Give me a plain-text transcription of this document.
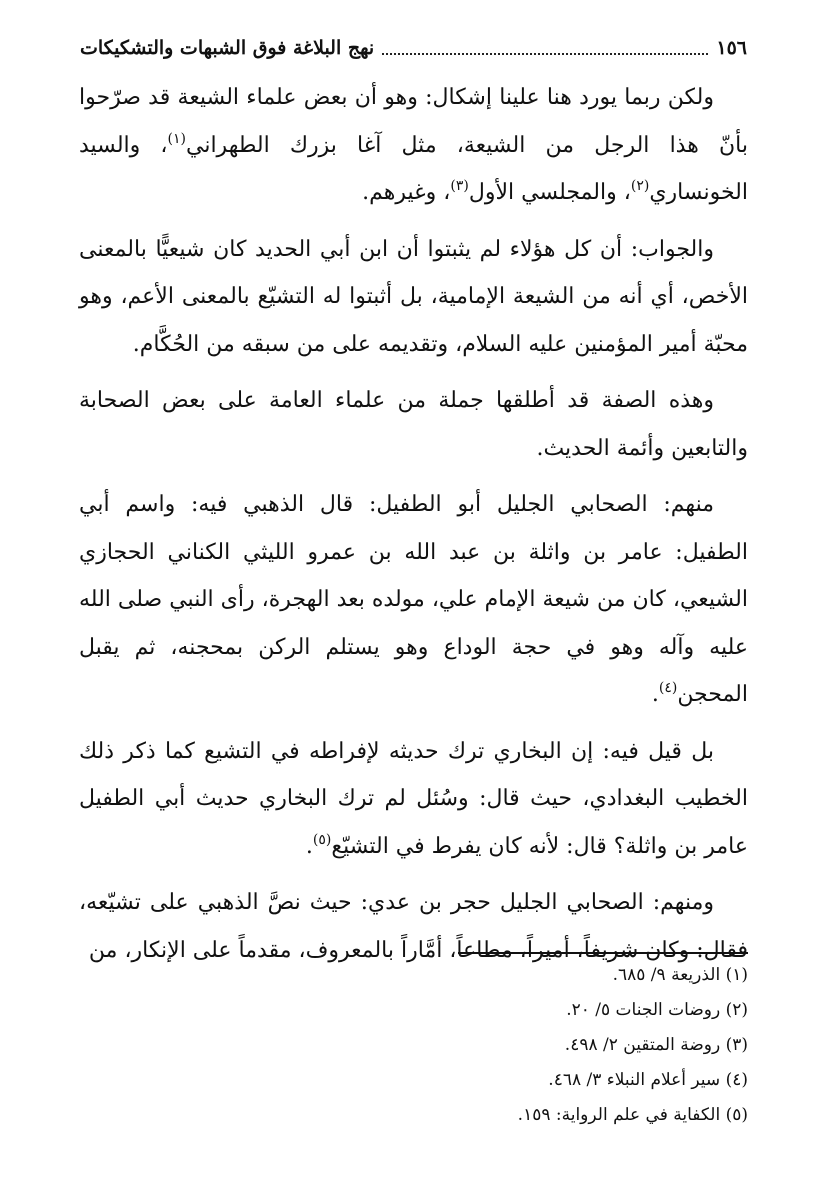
١٥٦
نهج البلاغة فوق الشبهات والتشكيكات

ولكن ربما يورد هنا علينا إشكال: وهو أن بعض علماء الشيعة قد صرّحوا بأنّ هذا الرجل من الشيعة، مثل آغا بزرك الطهراني$^{(١)}$، والسيد الخونساري$^{(٢)}$، والمجلسي الأول$^{(٣)}$، وغيرهم.

والجواب: أن كل هؤلاء لم يثبتوا أن ابن أبي الحديد كان شيعيًّا بالمعنى الأخص، أي أنه من الشيعة الإمامية، بل أثبتوا له التشيّع بالمعنى الأعم، وهو محبّة أمير المؤمنين عليه السلام، وتقديمه على من سبقه من الحُكَّام.

وهذه الصفة قد أطلقها جملة من علماء العامة على بعض الصحابة والتابعين وأئمة الحديث.

منهم: الصحابي الجليل أبو الطفيل: قال الذهبي فيه: واسم أبي الطفيل: عامر بن واثلة بن عبد الله بن عمرو الليثي الكناني الحجازي الشيعي، كان من شيعة الإمام علي، مولده بعد الهجرة، رأى النبي صلى الله عليه وآله وهو في حجة الوداع وهو يستلم الركن بمحجنه، ثم يقبل المحجن$^{(٤)}$.

بل قيل فيه: إن البخاري ترك حديثه لإفراطه في التشيع كما ذكر ذلك الخطيب البغدادي، حيث قال: وسُئل لم ترك البخاري حديث أبي الطفيل عامر بن واثلة؟ قال: لأنه كان يفرط في التشيّع$^{(٥)}$.

ومنهم: الصحابي الجليل حجر بن عدي: حيث نصَّ الذهبي على تشيّعه، فقال: وكان شريفاً، أميراً، مطاعاً، أمَّاراً بالمعروف، مقدماً على الإنكار، من

(١) الذريعة ٩/ ٦٨٥.
(٢) روضات الجنات ٥/ ٢٠.
(٣) روضة المتقين ٢/ ٤٩٨.
(٤) سير أعلام النبلاء ٣/ ٤٦٨.
(٥) الكفاية في علم الرواية: ١٥٩.
